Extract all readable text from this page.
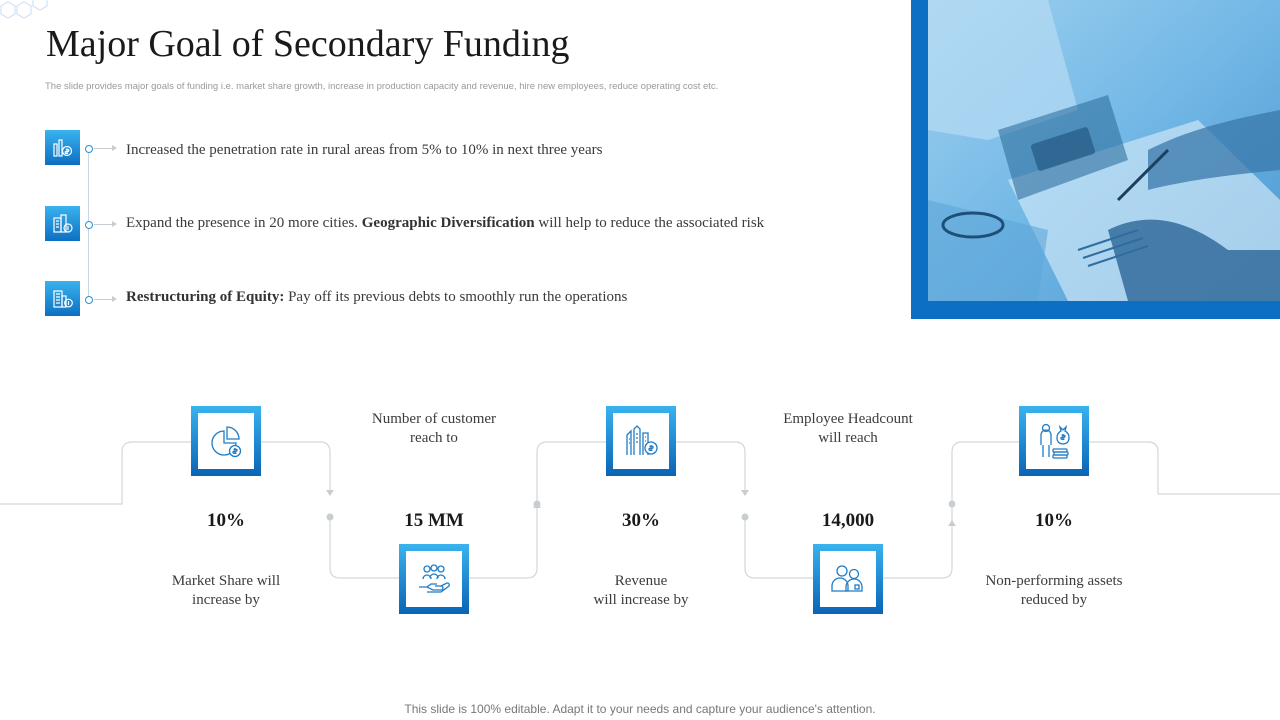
Major Goal of Secondary Funding
The slide provides major goals of funding i.e. market share growth, increase in production capacity and revenue, hire new employees, reduce operating cost etc.
Increased the penetration rate in rural areas from 5% to 10% in next three years
Expand the presence in 20 more cities. Geographic Diversification will help to reduce the associated risk
Restructuring of Equity: Pay off its previous debts to smoothly run the operations
10%	15 MM	30%	14,000	10%
Market Share will
increase by
Number of customer
reach to
Revenue
will increase by
Employee Headcount
will reach
Non-performing assets
reduced by
This slide is 100% editable. Adapt it to your needs and capture your audience's attention.
